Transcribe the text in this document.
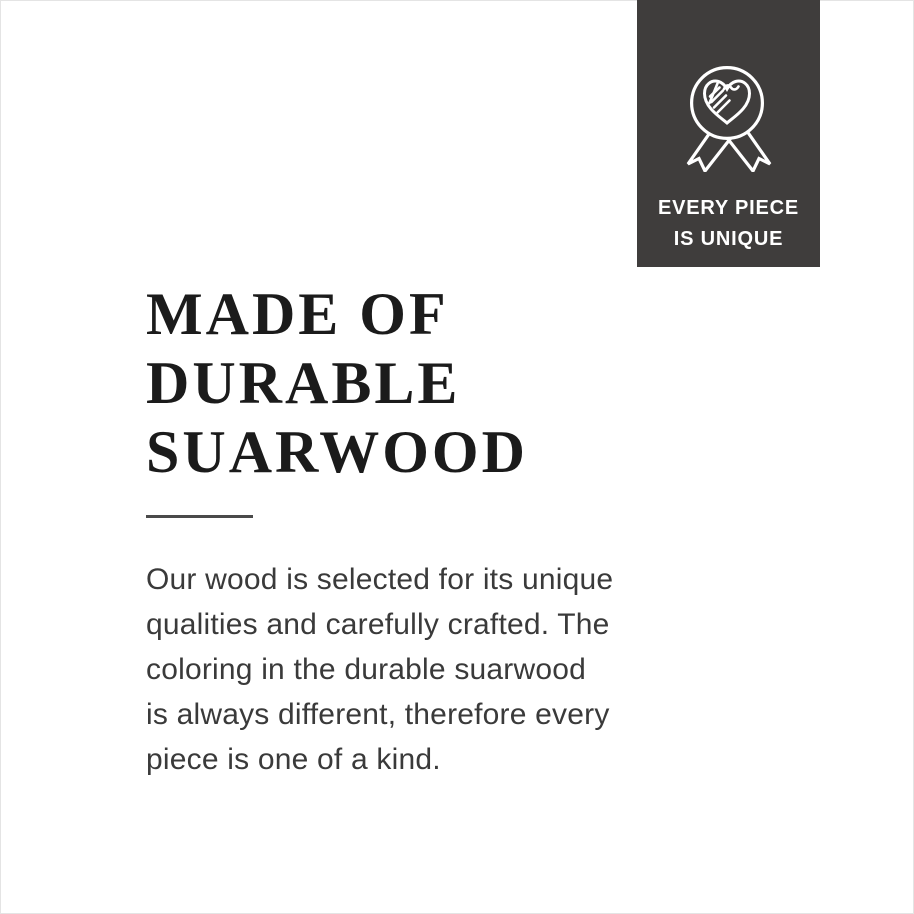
EVERY PIECE
IS UNIQUE
MADE OF
DURABLE
SUARWOOD
Our wood is selected for its unique
qualities and carefully crafted. The
coloring in the durable suarwood
is always different, therefore every
piece is one of a kind.
